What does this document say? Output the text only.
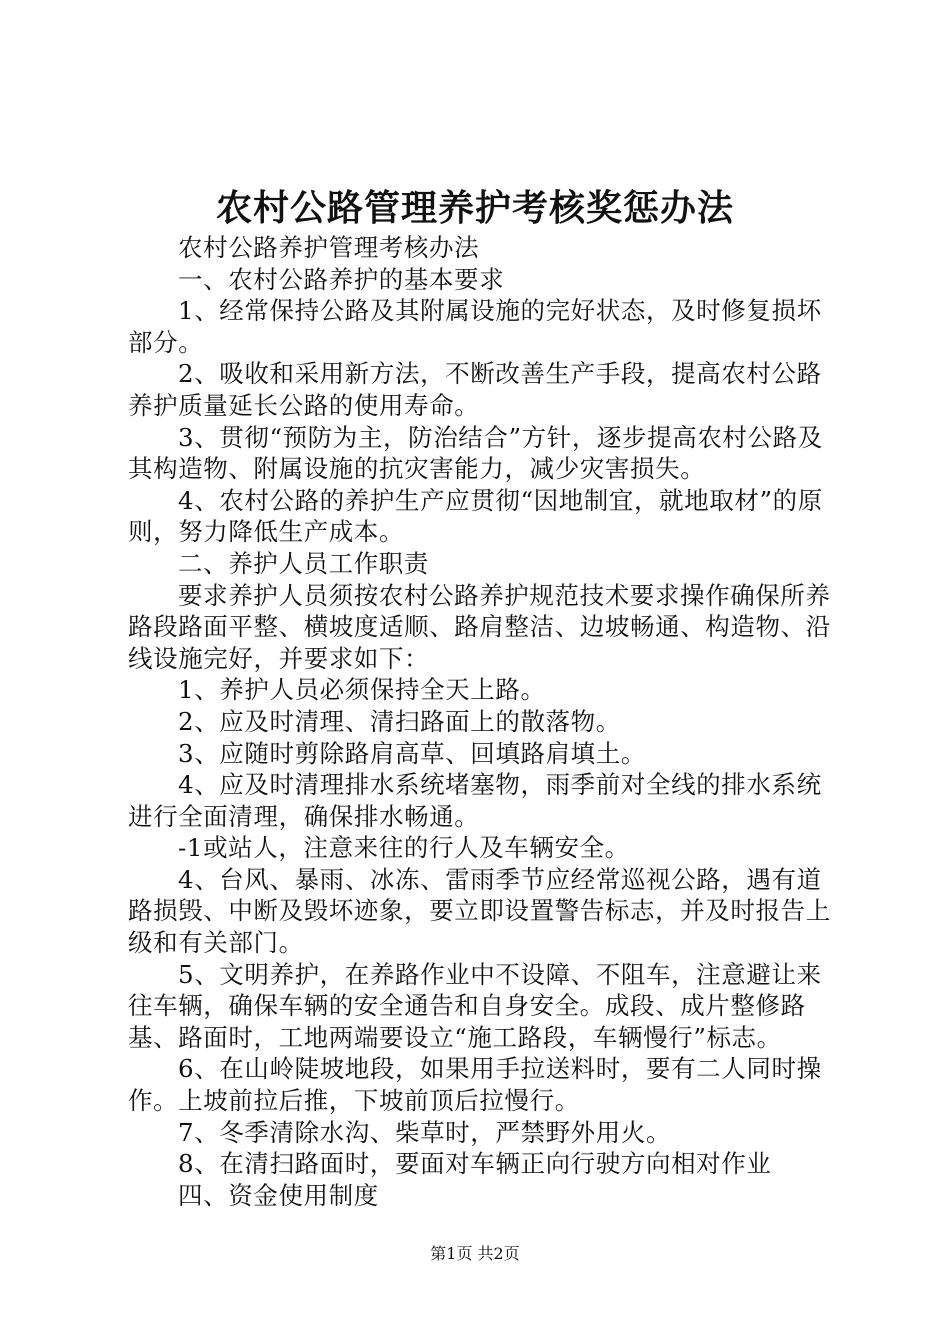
农村公路管理养护考核奖惩办法

农村公路养护管理考核办法

一、农村公路养护的基本要求

1、经常保持公路及其附属设施的完好状态，及时修复损坏部分。

2、吸收和采用新方法，不断改善生产手段，提高农村公路养护质量延长公路的使用寿命。

3、贯彻“预防为主，防治结合”方针，逐步提高农村公路及其构造物、附属设施的抗灾害能力，减少灾害损失。

4、农村公路的养护生产应贯彻“因地制宜，就地取材”的原则，努力降低生产成本。

二、养护人员工作职责

要求养护人员须按农村公路养护规范技术要求操作确保所养路段路面平整、横坡度适顺、路肩整洁、边坡畅通、构造物、沿线设施完好，并要求如下：

1、养护人员必须保持全天上路。

2、应及时清理、清扫路面上的散落物。

3、应随时剪除路肩高草、回填路肩填土。

4、应及时清理排水系统堵塞物，雨季前对全线的排水系统进行全面清理，确保排水畅通。

-1或站人，注意来往的行人及车辆安全。

4、台风、暴雨、冰冻、雷雨季节应经常巡视公路，遇有道路损毁、中断及毁坏迹象，要立即设置警告标志，并及时报告上级和有关部门。

5、文明养护，在养路作业中不设障、不阻车，注意避让来往车辆，确保车辆的安全通告和自身安全。成段、成片整修路基、路面时，工地两端要设立“施工路段，车辆慢行”标志。

6、在山岭陡坡地段，如果用手拉送料时，要有二人同时操作。上坡前拉后推，下坡前顶后拉慢行。

7、冬季清除水沟、柴草时，严禁野外用火。

8、在清扫路面时，要面对车辆正向行驶方向相对作业

四、资金使用制度

第1页 共2页
